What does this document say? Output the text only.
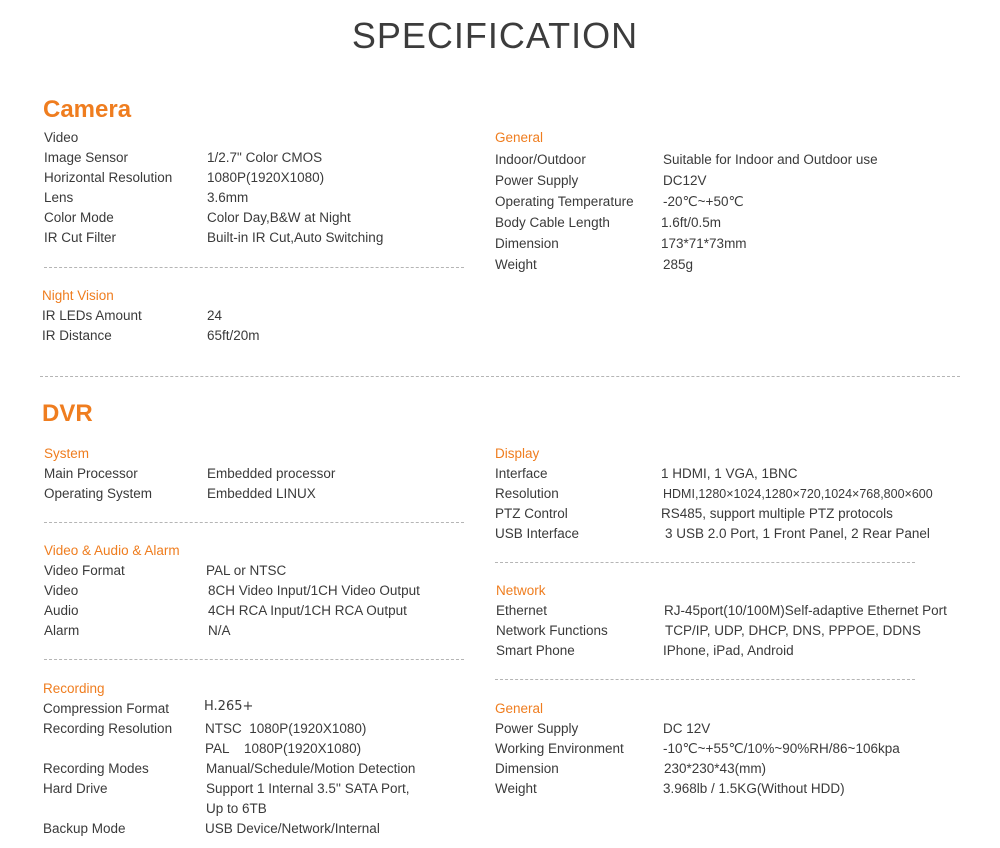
SPECIFICATION
Camera
Video
Image Sensor	1/2.7" Color CMOS
Horizontal Resolution	1080P(1920X1080)
Lens	3.6mm
Color Mode	Color Day,B&W at Night
IR Cut Filter	Built-in IR Cut,Auto Switching
Night Vision
IR LEDs Amount	24
IR Distance	65ft/20m
General
Indoor/Outdoor	Suitable for Indoor and Outdoor use
Power Supply	DC12V
Operating Temperature -20℃~+50℃
Body Cable Length	1.6ft/0.5m
Dimension	173*71*73mm
Weight	285g
DVR
System
Main Processor	Embedded processor
Operating System	Embedded LINUX
Video & Audio & Alarm
Video Format	PAL or NTSC
Video	8CH Video Input/1CH Video Output
Audio	4CH RCA Input/1CH RCA Output
Alarm	N/A
Recording
Compression Format	H.265+
Recording Resolution NTSC  1080P(1920X1080)
PAL    1080P(1920X1080)
Recording Modes	Manual/Schedule/Motion Detection
Hard Drive	Support 1 Internal 3.5'' SATA Port,
Up to 6TB
Backup Mode	USB Device/Network/Internal
Display
Interface	1 HDMI, 1 VGA, 1BNC
Resolution	HDMI,1280×1024,1280×720,1024×768,800×600
PTZ Control	RS485, support multiple PTZ protocols
USB Interface	3 USB 2.0 Port, 1 Front Panel, 2 Rear Panel
Network
Ethernet	RJ-45port(10/100M)Self-adaptive Ethernet Port
Network Functions	TCP/IP, UDP, DHCP, DNS, PPPOE, DDNS
Smart Phone	IPhone, iPad, Android
General
Power Supply	DC 12V
Working Environment	-10℃~+55℃/10%~90%RH/86~106kpa
Dimension	230*230*43(mm)
Weight	3.968lb / 1.5KG(Without HDD)
